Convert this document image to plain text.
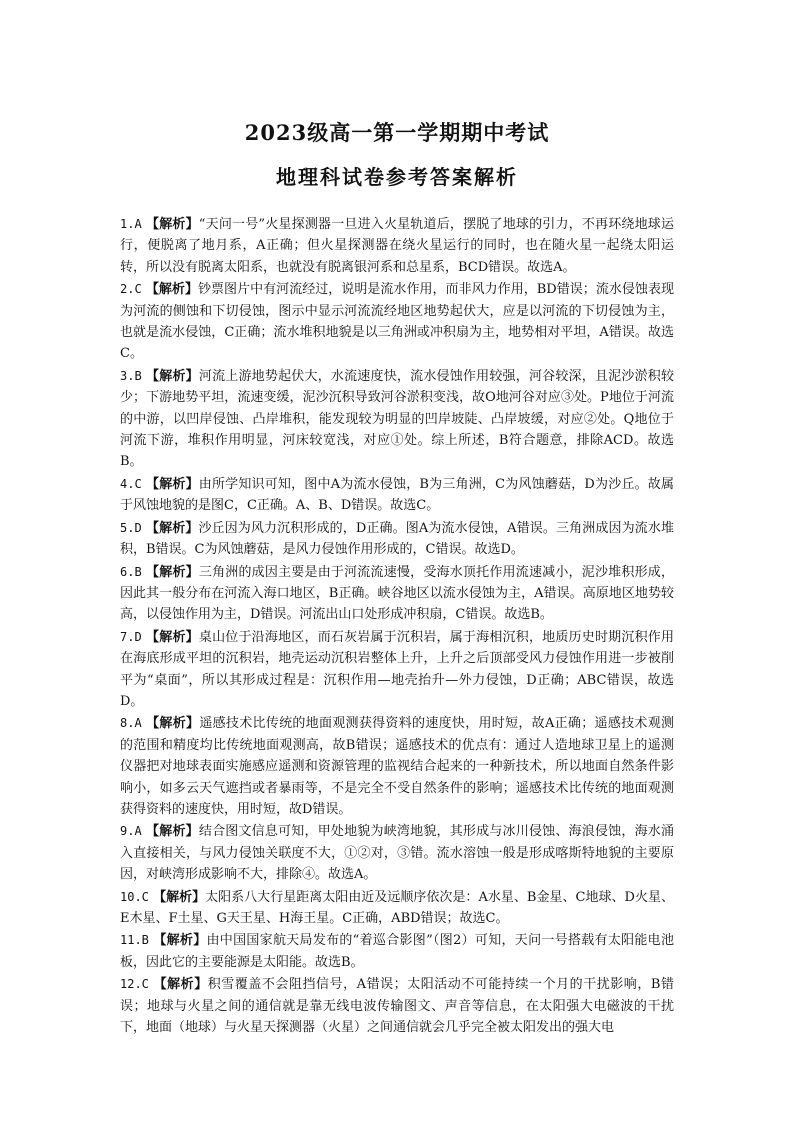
2023级高一第一学期期中考试
地理科试卷参考答案解析

1.A 【解析】“天问一号”火星探测器一旦进入火星轨道后，摆脱了地球的引力，不再环绕地球运行，便脱离了地月系，A正确；但火星探测器在绕火星运行的同时，也在随火星一起绕太阳运转，所以没有脱离太阳系，也就没有脱离银河系和总星系，BCD错误。故选A。

2.C 【解析】钞票图片中有河流经过，说明是流水作用，而非风力作用，BD错误；流水侵蚀表现为河流的侧蚀和下切侵蚀，图示中显示河流流经地区地势起伏大，应是以河流的下切侵蚀为主，也就是流水侵蚀，C正确；流水堆积地貌是以三角洲或冲积扇为主，地势相对平坦，A错误。故选C。

3.B 【解析】河流上游地势起伏大，水流速度快，流水侵蚀作用较强，河谷较深，且泥沙淤积较少；下游地势平坦，流速变缓，泥沙沉积导致河谷淤积变浅，故O地河谷对应③处。P地位于河流的中游，以凹岸侵蚀、凸岸堆积，能发现较为明显的凹岸坡陡、凸岸坡缓，对应②处。Q地位于河流下游，堆积作用明显，河床较宽浅，对应①处。综上所述，B符合题意，排除ACD。故选B。

4.C 【解析】由所学知识可知，图中A为流水侵蚀，B为三角洲，C为风蚀蘑菇，D为沙丘。故属于风蚀地貌的是图C，C正确。A、B、D错误。故选C。

5.D 【解析】沙丘因为风力沉积形成的，D正确。图A为流水侵蚀，A错误。三角洲成因为流水堆积，B错误。C为风蚀蘑菇，是风力侵蚀作用形成的，C错误。故选D。

6.B 【解析】三角洲的成因主要是由于河流流速慢，受海水顶托作用流速减小，泥沙堆积形成，因此其一般分布在河流入海口地区，B正确。峡谷地区以流水侵蚀为主，A错误。高原地区地势较高，以侵蚀作用为主，D错误。河流出山口处形成冲积扇，C错误。故选B。

7.D 【解析】桌山位于沿海地区，而石灰岩属于沉积岩，属于海相沉积，地质历史时期沉积作用在海底形成平坦的沉积岩，地壳运动沉积岩整体上升，上升之后顶部受风力侵蚀作用进一步被削平为“桌面”，所以其形成过程是：沉积作用—地壳抬升—外力侵蚀，D正确；ABC错误，故选D。

8.A 【解析】遥感技术比传统的地面观测获得资料的速度快，用时短，故A正确；遥感技术观测的范围和精度均比传统地面观测高，故B错误；遥感技术的优点有：通过人造地球卫星上的遥测仪器把对地球表面实施感应遥测和资源管理的监视结合起来的一种新技术，所以地面自然条件影响小，如多云天气遮挡或者暴雨等，不是完全不受自然条件的影响；遥感技术比传统的地面观测获得资料的速度快，用时短，故D错误。

9.A 【解析】结合图文信息可知，甲处地貌为峡湾地貌，其形成与冰川侵蚀、海浪侵蚀，海水涌入直接相关，与风力侵蚀关联度不大，①②对，③错。流水溶蚀一般是形成喀斯特地貌的主要原因，对峡湾形成影响不大，排除④。故选A。

10.C 【解析】太阳系八大行星距离太阳由近及远顺序依次是：A水星、B金星、C地球、D火星、E木星、F土星、G天王星、H海王星。C正确，ABD错误；故选C。

11.B 【解析】由中国国家航天局发布的“着巡合影图”（图2）可知，天问一号搭载有太阳能电池板，因此它的主要能源是太阳能。故选B。

12.C 【解析】积雪覆盖不会阻挡信号，A错误；太阳活动不可能持续一个月的干扰影响，B错误；地球与火星之间的通信就是靠无线电波传输图文、声音等信息，在太阳强大电磁波的干扰下，地面（地球）与火星天探测器（火星）之间通信就会几乎完全被太阳发出的强大电
